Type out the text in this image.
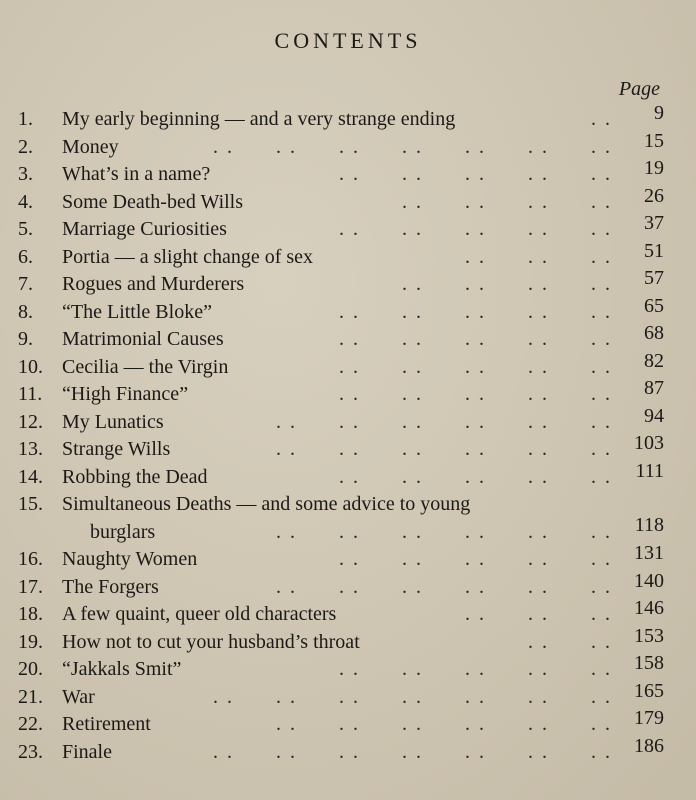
CONTENTS
Page
1.	My early beginning — and a very strange ending	. .	9
2.	Money	. .      . .      . .      . .      . .      . .      . .	15
3.	What’s in a name?	. .      . .      . .      . .      . .	19
4.	Some Death-bed Wills	. .      . .      . .      . .	26
5.	Marriage Curiosities	. .      . .      . .      . .      . .	37
6.	Portia — a slight change of sex	. .      . .      . .	51
7.	Rogues and Murderers	. .      . .      . .      . .	57
8.	“The Little Bloke”	. .      . .      . .      . .      . .	65
9.	Matrimonial Causes	. .      . .      . .      . .      . .	68
10. Cecilia — the Virgin	. .      . .      . .      . .      . .	82
11. “High Finance”	. .      . .      . .      . .      . .	87
12. My Lunatics	. .      . .      . .      . .      . .      . .	94
13. Strange Wills	. .      . .      . .      . .      . .      . .	103
14. Robbing the Dead	. .      . .      . .      . .      . .	111
15. Simultaneous Deaths — and some advice to young
burglars	. .      . .      . .      . .      . .      . .	118
16. Naughty Women	. .      . .      . .      . .      . .	131
17. The Forgers	. .      . .      . .      . .      . .      . .	140
18. A few quaint, queer old characters	. .      . .      . .	146
19. How not to cut your husband’s throat	. .      . .	153
20. “Jakkals Smit”	. .      . .      . .      . .      . .	158
21. War	. .      . .      . .      . .      . .      . .      . .	165
22. Retirement	. .      . .      . .      . .      . .      . .	179
23. Finale	. .      . .      . .      . .      . .      . .      . .	186
